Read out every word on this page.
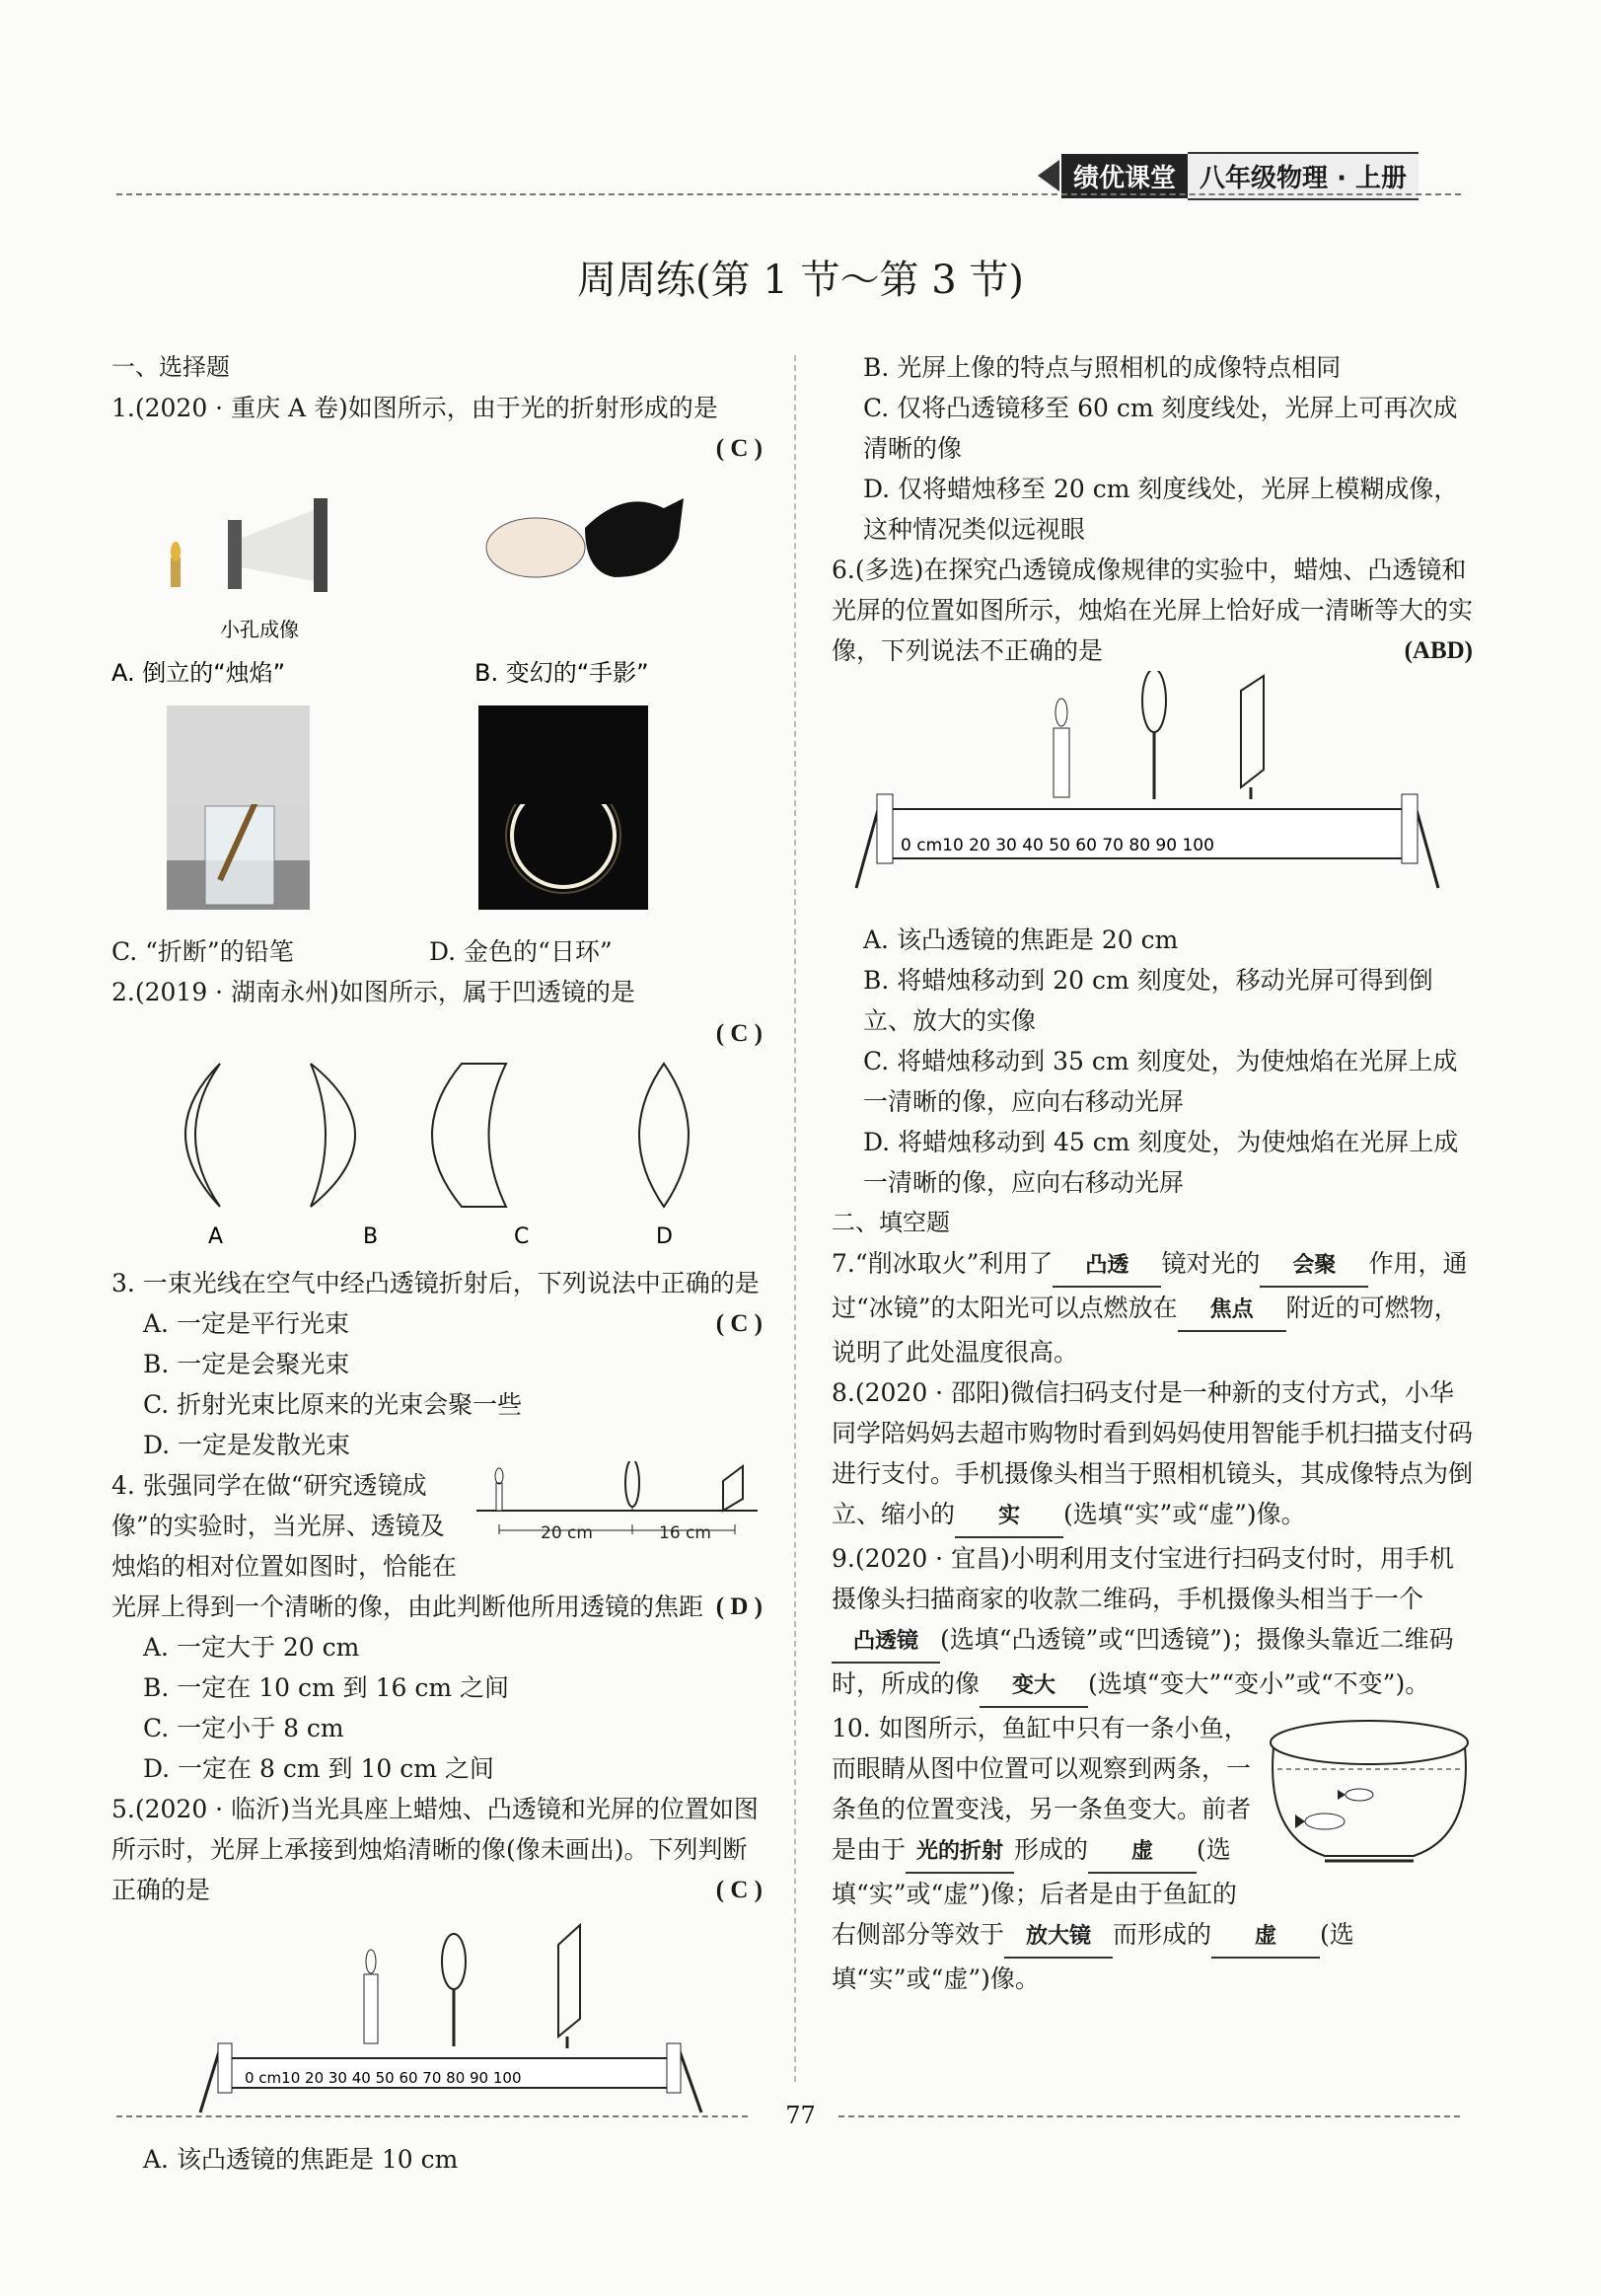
绩优课堂 八年级物理 · 上册
周周练(第 1 节～第 3 节)
一、选择题
1.(2020 · 重庆 A 卷)如图所示，由于光的折射形成的是
( C )
小孔成像
A. 倒立的“烛焰”	B. 变幻的“手影”
C. “折断”的铅笔	D. 金色的“日环”
2.(2019 · 湖南永州)如图所示，属于凹透镜的是
( C )
A	B	C	D
3. 一束光线在空气中经凸透镜折射后，下列说法中正确的是
( C )
A. 一定是平行光束
B. 一定是会聚光束
C. 折射光束比原来的光束会聚一些
D. 一定是发散光束
20 cm	16 cm
4. 张强同学在做“研究透镜成像”的实验时，当光屏、透镜及烛焰的相对位置如图时，恰能在光屏上得到一个清晰的像，由此判断他所用透镜的焦距 ( D )
A. 一定大于 20 cm
B. 一定在 10 cm 到 16 cm 之间
C. 一定小于 8 cm
D. 一定在 8 cm 到 10 cm 之间
5.(2020 · 临沂)当光具座上蜡烛、凸透镜和光屏的位置如图所示时，光屏上承接到烛焰清晰的像(像未画出)。下列判断正确的是	( C )
0 cm10 20 30 40 50 60 70 80 90 100
A. 该凸透镜的焦距是 10 cm
B. 光屏上像的特点与照相机的成像特点相同
C. 仅将凸透镜移至 60 cm 刻度线处，光屏上可再次成清晰的像
D. 仅将蜡烛移至 20 cm 刻度线处，光屏上模糊成像，这种情况类似远视眼
6.(多选)在探究凸透镜成像规律的实验中，蜡烛、凸透镜和光屏的位置如图所示，烛焰在光屏上恰好成一清晰等大的实像，下列说法不正确的是	(ABD)
0 cm10 20 30 40 50 60 70 80 90 100
A. 该凸透镜的焦距是 20 cm
B. 将蜡烛移动到 20 cm 刻度处，移动光屏可得到倒立、放大的实像
C. 将蜡烛移动到 35 cm 刻度处，为使烛焰在光屏上成一清晰的像，应向右移动光屏
D. 将蜡烛移动到 45 cm 刻度处，为使烛焰在光屏上成一清晰的像，应向右移动光屏
二、填空题
7.“削冰取火”利用了 凸透 镜对光的 会聚 作用，通过“冰镜”的太阳光可以点燃放在 焦点 附近的可燃物，说明了此处温度很高。
8.(2020 · 邵阳)微信扫码支付是一种新的支付方式，小华同学陪妈妈去超市购物时看到妈妈使用智能手机扫描支付码进行支付。手机摄像头相当于照相机镜头，其成像特点为倒立、缩小的 实 (选填“实”或“虚”)像。
9.(2020 · 宜昌)小明利用支付宝进行扫码支付时，用手机摄像头扫描商家的收款二维码，手机摄像头相当于一个凸透镜 (选填“凸透镜”或“凹透镜”)；摄像头靠近二维码时，所成的像 变大 (选填“变大”“变小”或“不变”)。
10. 如图所示，鱼缸中只有一条小鱼，而眼睛从图中位置可以观察到两条，一条鱼的位置变浅，另一条鱼变大。前者是由于 光的折射 形成的 虚 (选填“实”或“虚”)像；后者是由于鱼缸的右侧部分等效于 放大镜 而形成的 虚 (选填“实”或“虚”)像。
77
